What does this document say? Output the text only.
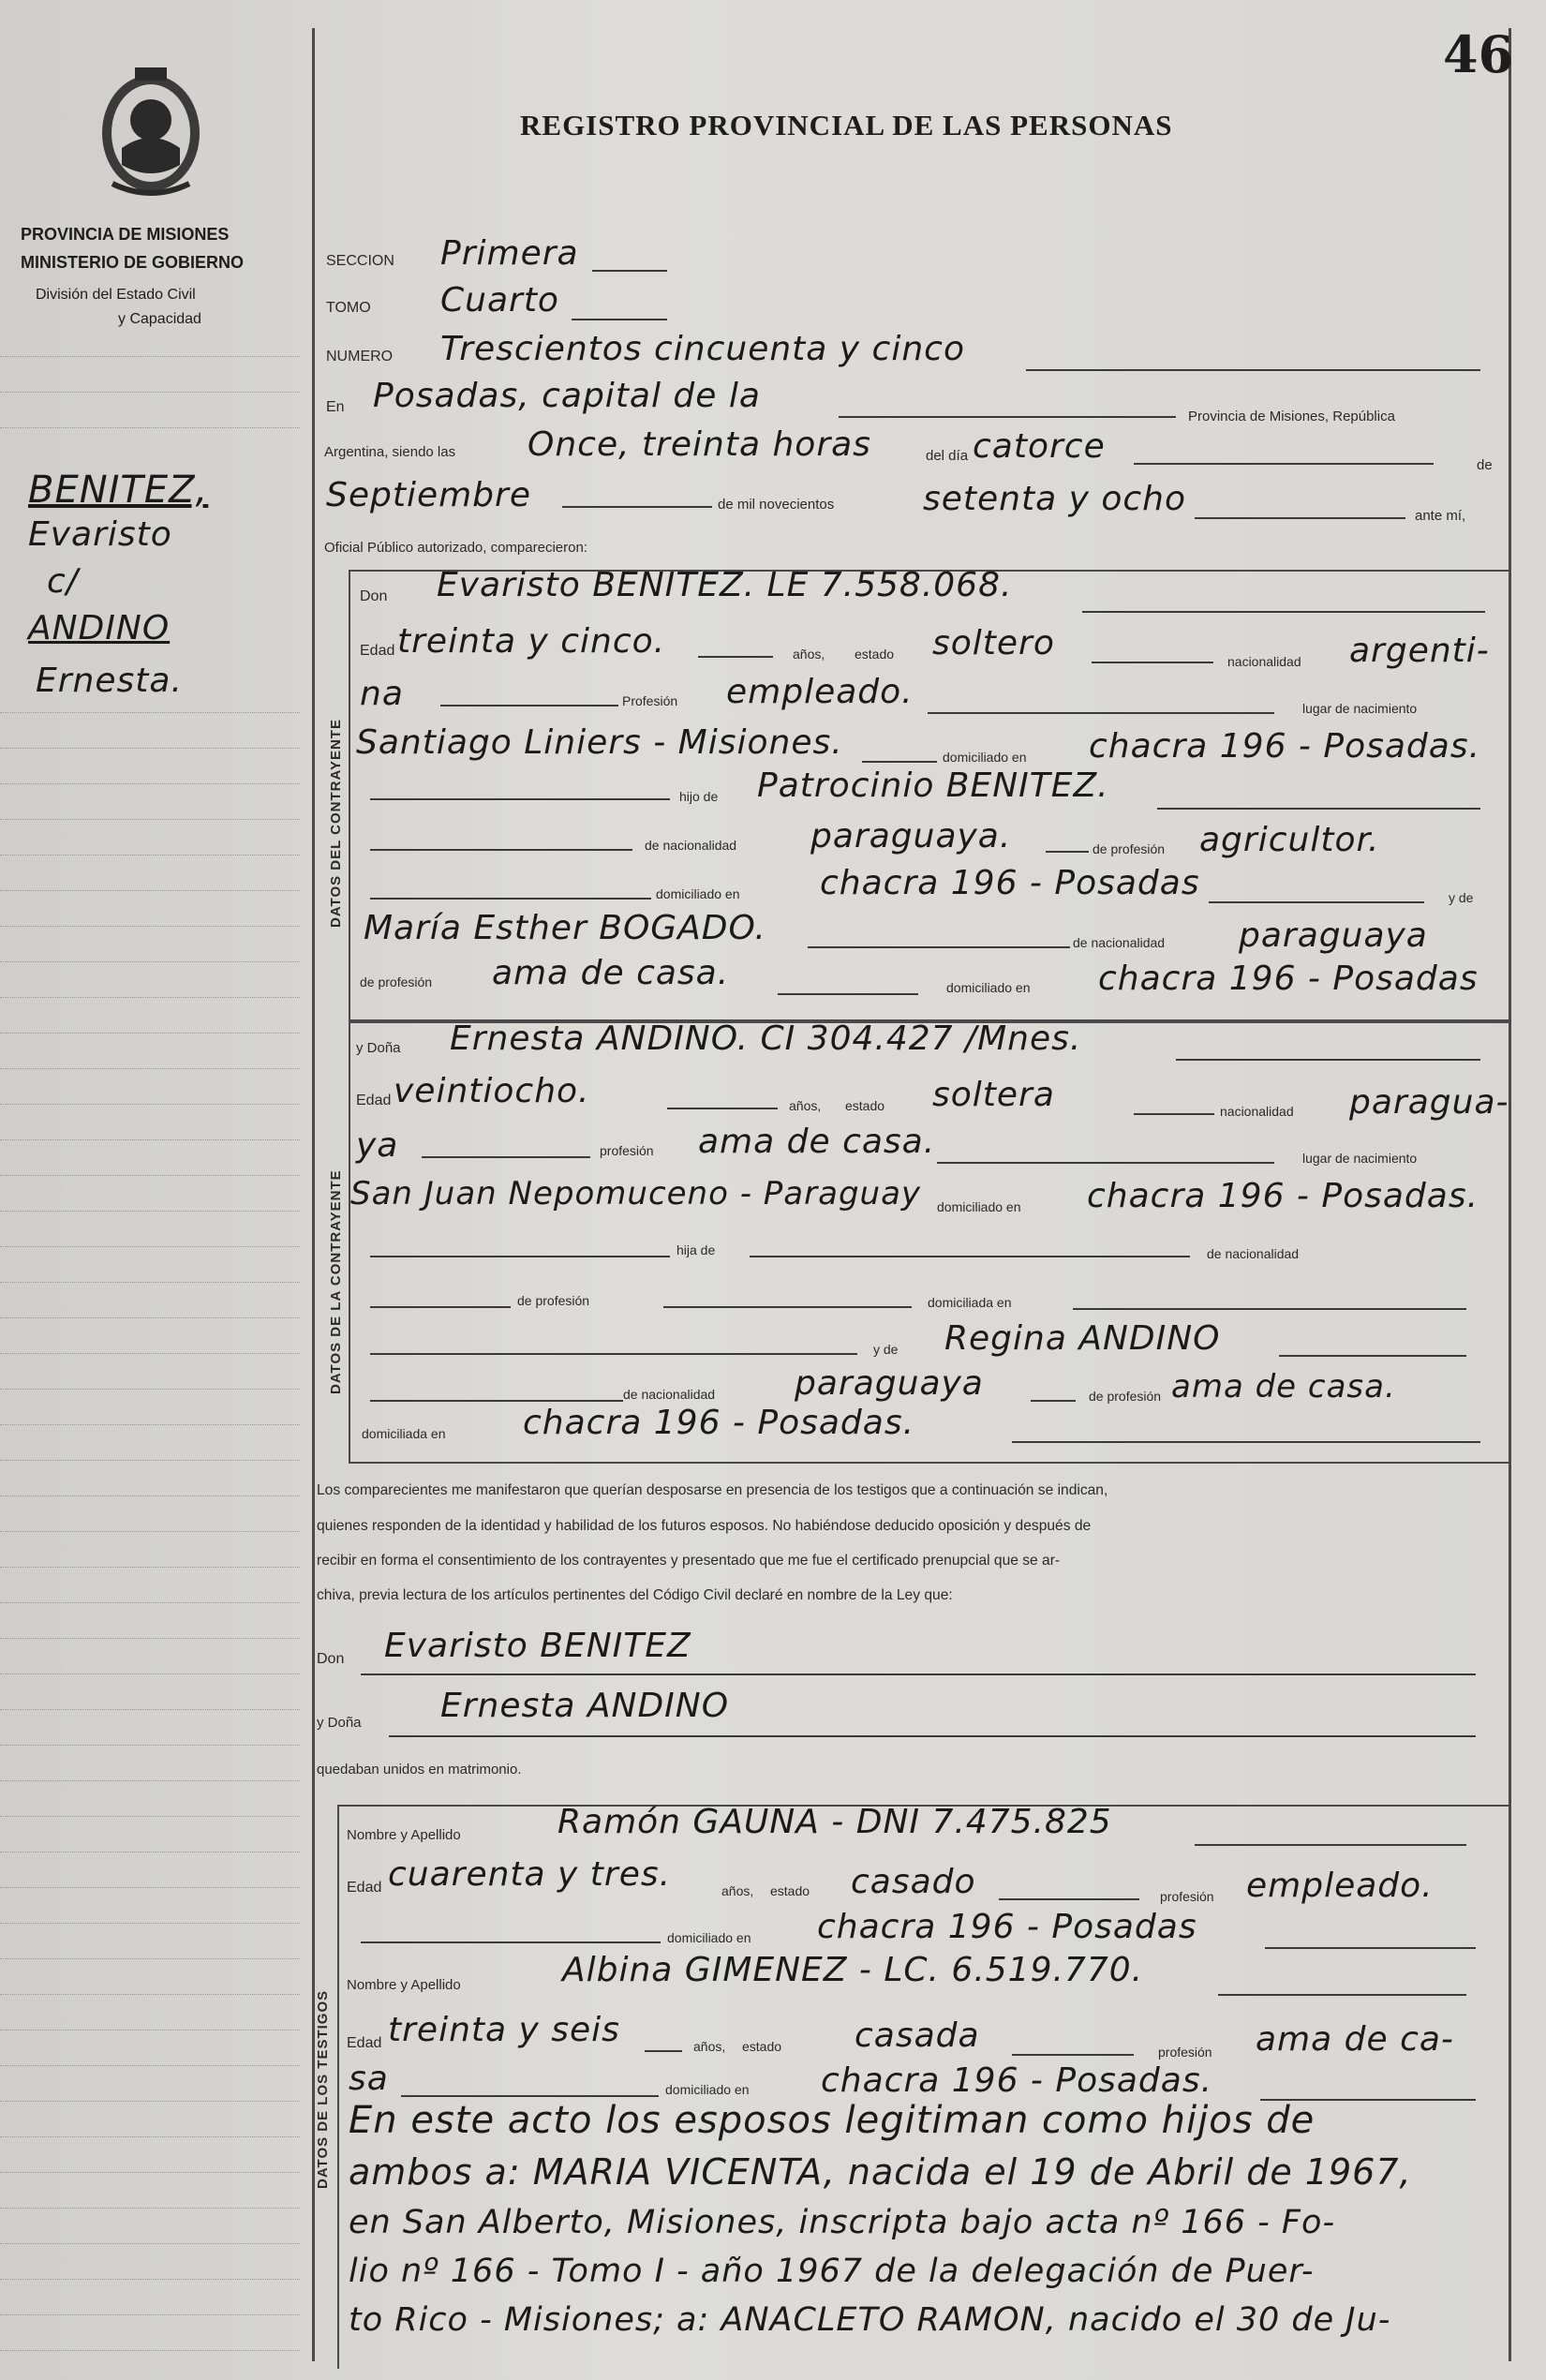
46
PROVINCIA DE MISIONES
MINISTERIO DE GOBIERNO
División del Estado Civil
y Capacidad
REGISTRO PROVINCIAL DE LAS PERSONAS
BENITEZ,
Evaristo
c/
ANDINO
Ernesta.
SECCION Primera
TOMO Cuarto
NUMERO Trescientos cincuenta y cinco
En Posadas, capital de la
Provincia de Misiones, República
Argentina, siendo las Once, treinta horas	del día catorce	de
Septiembre	de mil novecientos	setenta y ocho	ante mí,
Oficial Público autorizado, comparecieron:
DATOS DEL CONTRAYENTE
Don Evaristo BENITEZ. LE 7.558.068.
Edad treinta y cinco.	años, estado soltero	nacionalidad argenti-
na	Profesión empleado.	lugar de nacimiento
Santiago Liniers - Misiones.	domiciliado en chacra 196 - Posadas.
hijo de Patrocinio BENITEZ.
de nacionalidad paraguaya.	de profesión agricultor.
domiciliado en chacra 196 - Posadas	y de
María Esther BOGADO.	de nacionalidad paraguaya
de profesión ama de casa.	domiciliado en chacra 196 - Posadas
DATOS DE LA CONTRAYENTE
y Doña Ernesta ANDINO. CI 304.427 /Mnes.
Edad veintiocho.	años, estado soltera	nacionalidad paragua-
ya	profesión ama de casa.	lugar de nacimiento
San Juan Nepomuceno - Paraguay domiciliado en chacra 196 - Posadas.
hija de	de nacionalidad
de profesión	domiciliada en
y de Regina ANDINO
de nacionalidad paraguaya	de profesión ama de casa.
domiciliada en chacra 196 - Posadas.
Los comparecientes me manifestaron que querían desposarse en presencia de los testigos que a continuación se indican,
quienes responden de la identidad y habilidad de los futuros esposos. No habiéndose deducido oposición y después de
recibir en forma el consentimiento de los contrayentes y presentado que me fue el certificado prenupcial que se ar-
chiva, previa lectura de los artículos pertinentes del Código Civil declaré en nombre de la Ley que:
Don Evaristo BENITEZ
y Doña Ernesta ANDINO
quedaban unidos en matrimonio.
DATOS DE LOS TESTIGOS
Nombre y Apellido	Ramón GAUNA - DNI 7.475.825
Edad cuarenta y tres.	años, estado casado	profesión empleado.
domiciliado en chacra 196 - Posadas
Nombre y Apellido	Albina GIMENEZ - LC. 6.519.770.
Edad treinta y seis	años, estado casada	profesión ama de ca-
sa	domiciliado en chacra 196 - Posadas.
En este acto los esposos legitiman como hijos de
ambos a: MARIA VICENTA, nacida el 19 de Abril de 1967,
en San Alberto, Misiones, inscripta bajo acta nº 166 - Fo-
lio nº 166 - Tomo I - año 1967 de la delegación de Puer-
to Rico - Misiones; a: ANACLETO RAMON, nacido el 30 de Ju-
